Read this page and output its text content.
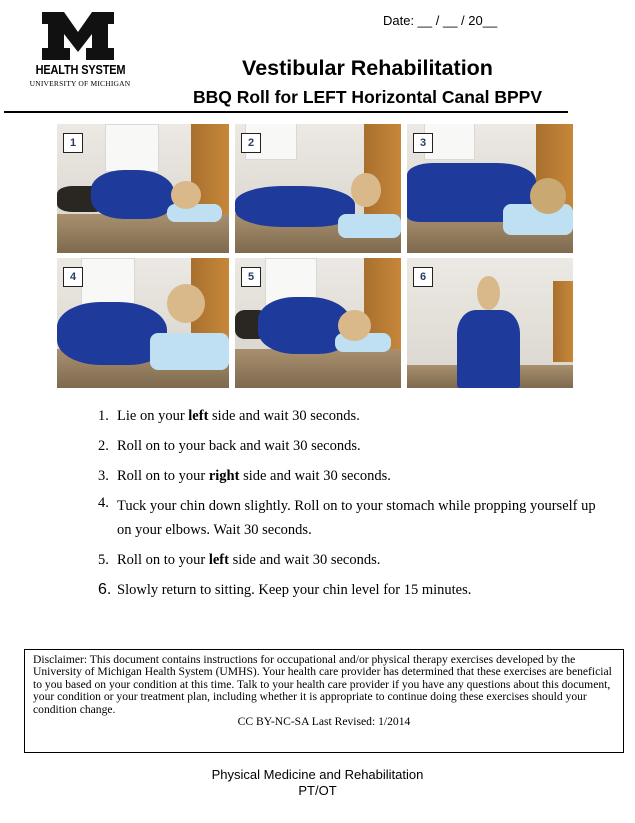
HEALTH SYSTEM
UNIVERSITY OF MICHIGAN
Date: __ / __ / 20__
Vestibular Rehabilitation
BBQ Roll for LEFT Horizontal Canal BPPV
1	2	3
4	5	6
1. Lie on your left side and wait 30 seconds.
2. Roll on to your back and wait 30 seconds.
3. Roll on to your right side and wait 30 seconds.
4. Tuck your chin down slightly. Roll on to your stomach while propping yourself up on your elbows. Wait 30 seconds.
5. Roll on to your left side and wait 30 seconds.
6. Slowly return to sitting. Keep your chin level for 15 minutes.
Disclaimer: This document contains instructions for occupational and/or physical therapy exercises developed by the University of Michigan Health System (UMHS). Your health care provider has determined that these exercises are beneficial to you based on your condition at this time. Talk to your health care provider if you have any questions about this document, your condition or your treatment plan, including whether it is appropriate to continue doing these exercises should your condition change.
CC BY-NC-SA Last Revised: 1/2014
Physical Medicine and Rehabilitation
PT/OT
